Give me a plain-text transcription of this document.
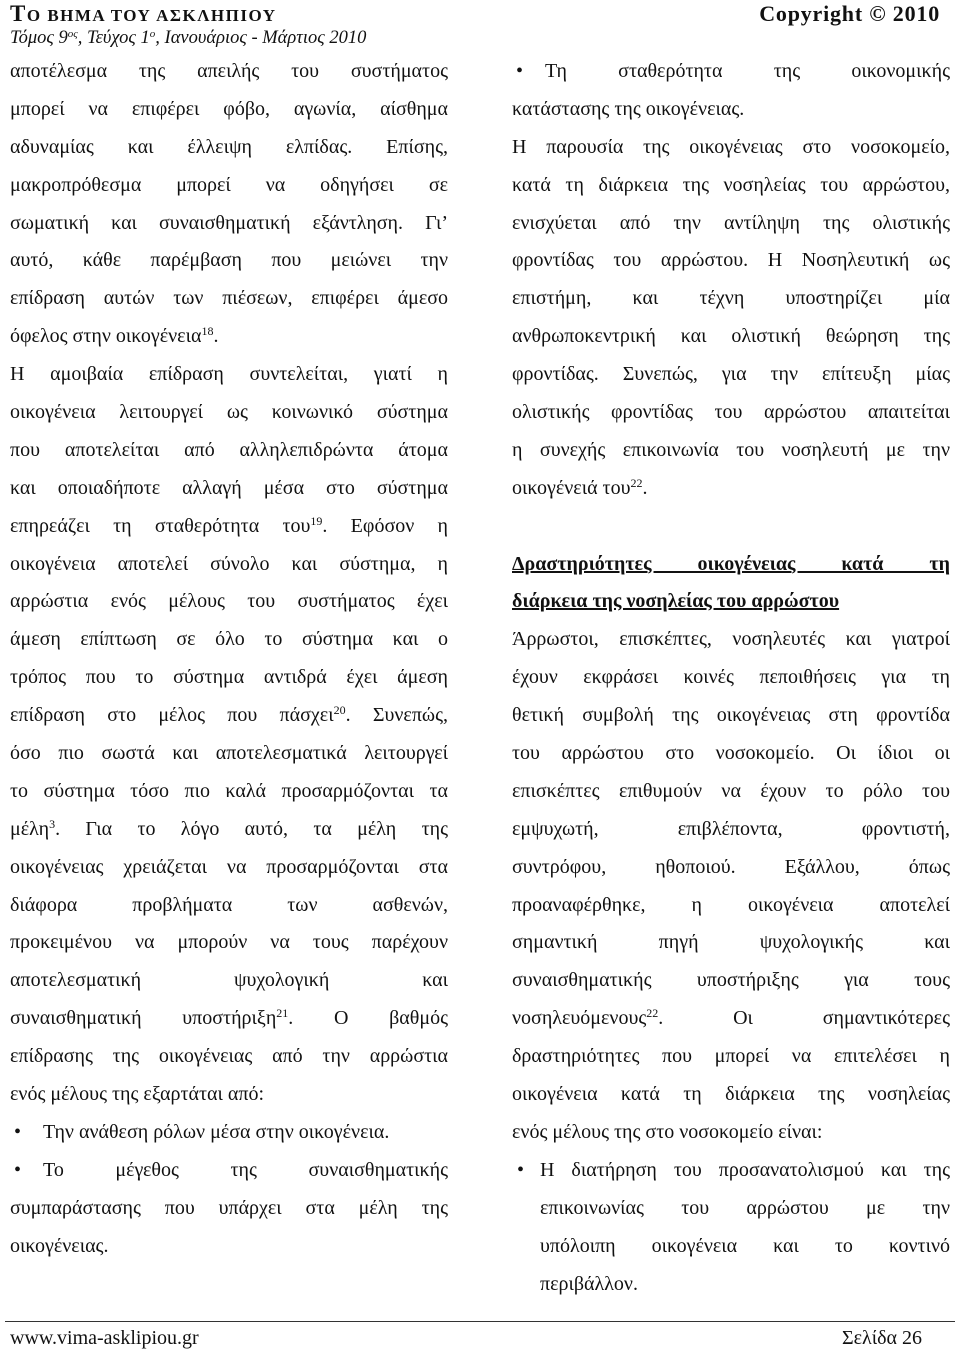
ΤΟ ΒΗΜΑ ΤΟΥ ΑΣΚΛΗΠΙΟΥ	Copyright © 2010
Τόμος $9^{o\varsigma}$, Τεύχος $1^o$, Ιανουάριος - Μάρτιος 2010
αποτέλεσμα της απειλής του συστήματος
μπορεί να επιφέρει φόβο, αγωνία, αίσθημα
αδυναμίας και έλλειψη ελπίδας. Επίσης,
μακροπρόθεσμα μπορεί να οδηγήσει σε
σωματική και συναισθηματική εξάντληση. Γι’
αυτό, κάθε παρέμβαση που μειώνει την
επίδραση αυτών των πιέσεων, επιφέρει άμεσο
όφελος στην οικογένεια$^{18}$.
Η αμοιβαία επίδραση συντελείται, γιατί η
οικογένεια λειτουργεί ως κοινωνικό σύστημα
που αποτελείται από αλληλεπιδρώντα άτομα
και οποιαδήποτε αλλαγή μέσα στο σύστημα
επηρεάζει τη σταθερότητα του$^{19}$. Εφόσον η
οικογένεια αποτελεί σύνολο και σύστημα, η
αρρώστια ενός μέλους του συστήματος έχει
άμεση επίπτωση σε όλο το σύστημα και ο
τρόπος που το σύστημα αντιδρά έχει άμεση
επίδραση στο μέλος που πάσχει$^{20}$. Συνεπώς,
όσο πιο σωστά και αποτελεσματικά λειτουργεί
το σύστημα τόσο πιο καλά προσαρμόζονται τα
μέλη$^3$. Για το λόγο αυτό, τα μέλη της
οικογένειας χρειάζεται να προσαρμόζονται στα
διάφορα προβλήματα των ασθενών,
προκειμένου να μπορούν να τους παρέχουν
αποτελεσματική ψυχολογική και
συναισθηματική υποστήριξη$^{21}$. Ο βαθμός
επίδρασης της οικογένειας από την αρρώστια
ενός μέλους της εξαρτάται από:
• Την ανάθεση ρόλων μέσα στην οικογένεια.
• Το μέγεθος της συναισθηματικής
συμπαράστασης που υπάρχει στα μέλη της
οικογένειας.
• Τη σταθερότητα της οικονομικής
κατάστασης της οικογένειας.
Η παρουσία της οικογένειας στο νοσοκομείο,
κατά τη διάρκεια της νοσηλείας του αρρώστου,
ενισχύεται από την αντίληψη της ολιστικής
φροντίδας του αρρώστου. Η Νοσηλευτική ως
επιστήμη, και τέχνη υποστηρίζει μία
ανθρωποκεντρική και ολιστική θεώρηση της
φροντίδας. Συνεπώς, για την επίτευξη μίας
ολιστικής φροντίδας του αρρώστου απαιτείται
η συνεχής επικοινωνία του νοσηλευτή με την
οικογένειά του$^{22}$.
Δραστηριότητες οικογένειας κατά τη
διάρκεια της νοσηλείας του αρρώστου
Άρρωστοι, επισκέπτες, νοσηλευτές και γιατροί
έχουν εκφράσει κοινές πεποιθήσεις για τη
θετική συμβολή της οικογένειας στη φροντίδα
του αρρώστου στο νοσοκομείο. Οι ίδιοι οι
επισκέπτες επιθυμούν να έχουν το ρόλο του
εμψυχωτή, επιβλέποντα, φροντιστή,
συντρόφου, ηθοποιού. Εξάλλου, όπως
προαναφέρθηκε, η οικογένεια αποτελεί
σημαντική πηγή ψυχολογικής και
συναισθηματικής υποστήριξης για τους
νοσηλευόμενους$^{22}$. Οι σημαντικότερες
δραστηριότητες που μπορεί να επιτελέσει η
οικογένεια κατά τη διάρκεια της νοσηλείας
ενός μέλους της στο νοσοκομείο είναι:
• Η διατήρηση του προσανατολισμού και της
επικοινωνίας του αρρώστου με την
υπόλοιπη οικογένεια και το κοντινό
περιβάλλον.
www.vima-asklipiou.gr	Σελίδα 26
